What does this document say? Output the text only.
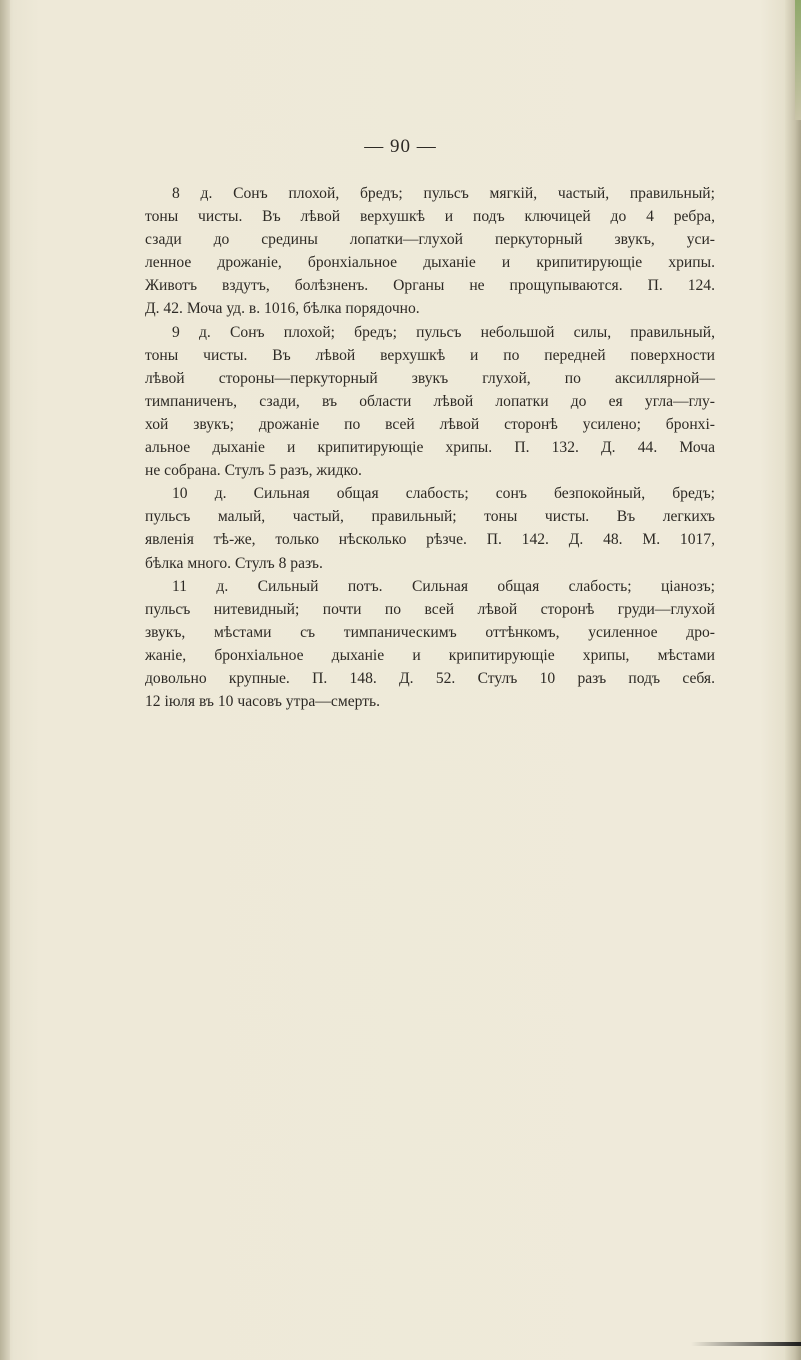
— 90 —
8 д. Сонъ плохой, бредъ; пульсъ мягкій, частый, правильный;
тоны чисты. Въ лѣвой верхушкѣ и подъ ключицей до 4 ребра,
сзади до средины лопатки—глухой перкуторный звукъ, уси-
ленное дрожаніе, бронхіальное дыханіе и крипитирующіе хрипы.
Животъ вздутъ, болѣзненъ. Органы не прощупываются. П. 124.
Д. 42. Моча уд. в. 1016, бѣлка порядочно.
9 д. Сонъ плохой; бредъ; пульсъ небольшой силы, правильный,
тоны чисты. Въ лѣвой верхушкѣ и по передней поверхности
лѣвой стороны—перкуторный звукъ глухой, по аксиллярной—
тимпаниченъ, сзади, въ области лѣвой лопатки до ея угла—глу-
хой звукъ; дрожаніе по всей лѣвой сторонѣ усилено; бронхі-
альное дыханіе и крипитирующіе хрипы. П. 132. Д. 44. Моча
не собрана. Стулъ 5 разъ, жидко.
10 д. Сильная общая слабость; сонъ безпокойный, бредъ;
пульсъ малый, частый, правильный; тоны чисты. Въ легкихъ
явленія тѣ-же, только нѣсколько рѣзче. П. 142. Д. 48. М. 1017,
бѣлка много. Стулъ 8 разъ.
11 д. Сильный потъ. Сильная общая слабость; ціанозъ;
пульсъ нитевидный; почти по всей лѣвой сторонѣ груди—глухой
звукъ, мѣстами съ тимпаническимъ оттѣнкомъ, усиленное дро-
жаніе, бронхіальное дыханіе и крипитирующіе хрипы, мѣстами
довольно крупные. П. 148. Д. 52. Стулъ 10 разъ подъ себя.
12 іюля въ 10 часовъ утра—смерть.
